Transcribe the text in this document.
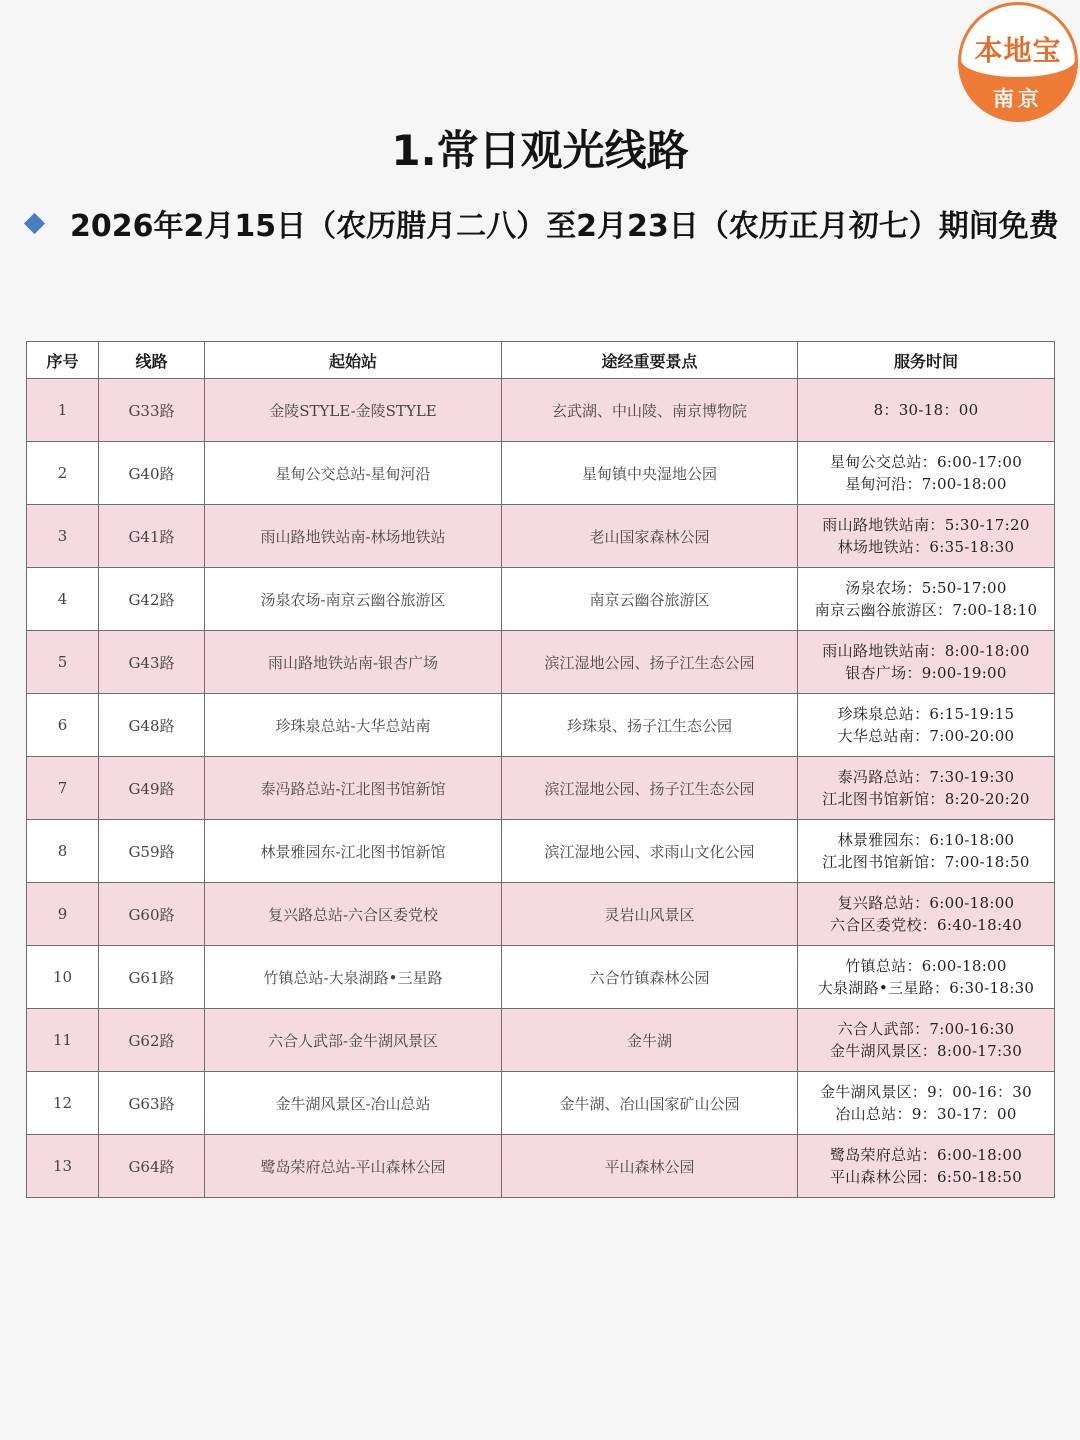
本地宝
南京
1.常日观光线路
2026年2月15日（农历腊月二八）至2月23日（农历正月初七）期间免费
序号	线路	起始站	途经重要景点	服务时间
1	G33路	金陵STYLE-金陵STYLE	玄武湖、中山陵、南京博物院	8：30-18：00

2	G40路	星甸公交总站-星甸河沿	星甸镇中央湿地公园	星甸公交总站：6:00-17:00
星甸河沿：7:00-18:00

3	G41路	雨山路地铁站南-林场地铁站	老山国家森林公园	雨山路地铁站南：5:30-17:20
林场地铁站：6:35-18:30

4	G42路	汤泉农场-南京云幽谷旅游区	南京云幽谷旅游区	汤泉农场：5:50-17:00
南京云幽谷旅游区：7:00-18:10

5	G43路	雨山路地铁站南-银杏广场	滨江湿地公园、扬子江生态公园	雨山路地铁站南：8:00-18:00
银杏广场：9:00-19:00

6	G48路	珍珠泉总站-大华总站南	珍珠泉、扬子江生态公园	珍珠泉总站：6:15-19:15
大华总站南：7:00-20:00

7	G49路	泰冯路总站-江北图书馆新馆	滨江湿地公园、扬子江生态公园	泰冯路总站：7:30-19:30
江北图书馆新馆：8:20-20:20

8	G59路	林景雅园东-江北图书馆新馆	滨江湿地公园、求雨山文化公园	林景雅园东：6:10-18:00
江北图书馆新馆：7:00-18:50

9	G60路	复兴路总站-六合区委党校	灵岩山风景区	复兴路总站：6:00-18:00
六合区委党校：6:40-18:40

10	G61路	竹镇总站-大泉湖路•三星路	六合竹镇森林公园	竹镇总站：6:00-18:00
大泉湖路•三星路：6:30-18:30

11	G62路	六合人武部-金牛湖风景区	金牛湖	六合人武部：7:00-16:30
金牛湖风景区：8:00-17:30

12	G63路	金牛湖风景区-冶山总站	金牛湖、冶山国家矿山公园	金牛湖风景区：9：00-16：30
冶山总站：9：30-17：00

13	G64路	鹭岛荣府总站-平山森林公园	平山森林公园	鹭岛荣府总站：6:00-18:00
平山森林公园：6:50-18:50
